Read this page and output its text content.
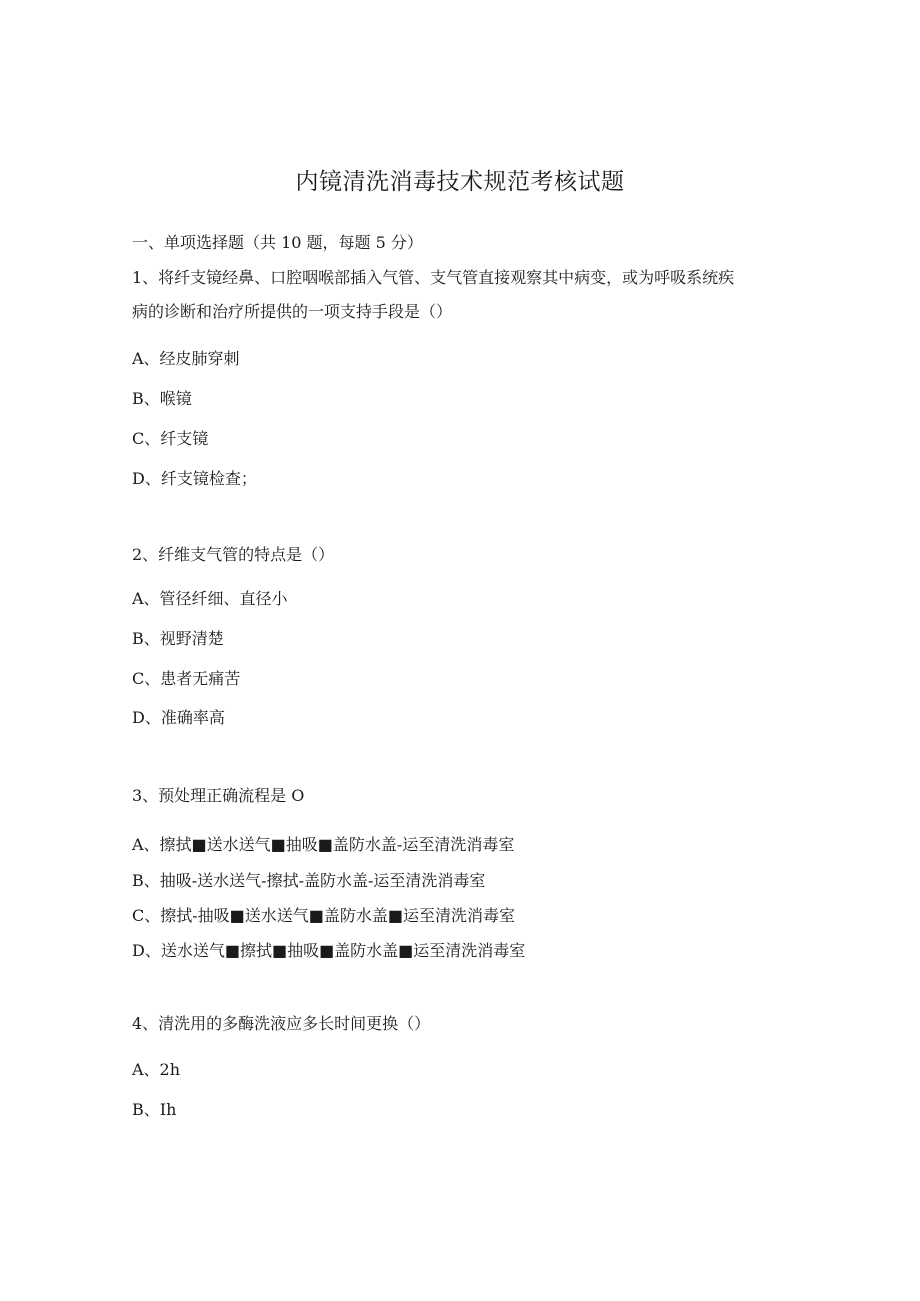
内镜清洗消毒技术规范考核试题
一、单项选择题（共 10 题，每题 5 分）
1、将纤支镜经鼻、口腔咽喉部插入气管、支气管直接观察其中病变，或为呼吸系统疾
病的诊断和治疗所提供的一项支持手段是（）
A、经皮肺穿刺
B、喉镜
C、纤支镜
D、纤支镜检查；
2、纤维支气管的特点是（）
A、管径纤细、直径小
B、视野清楚
C、患者无痛苦
D、准确率高
3、预处理正确流程是 O
A、擦拭■送水送气■抽吸■盖防水盖-运至清洗消毒室
B、抽吸-送水送气-擦拭-盖防水盖-运至清洗消毒室
C、擦拭-抽吸■送水送气■盖防水盖■运至清洗消毒室
D、送水送气■擦拭■抽吸■盖防水盖■运至清洗消毒室
4、清洗用的多酶洗液应多长时间更换（）
A、2h
B、Ih
